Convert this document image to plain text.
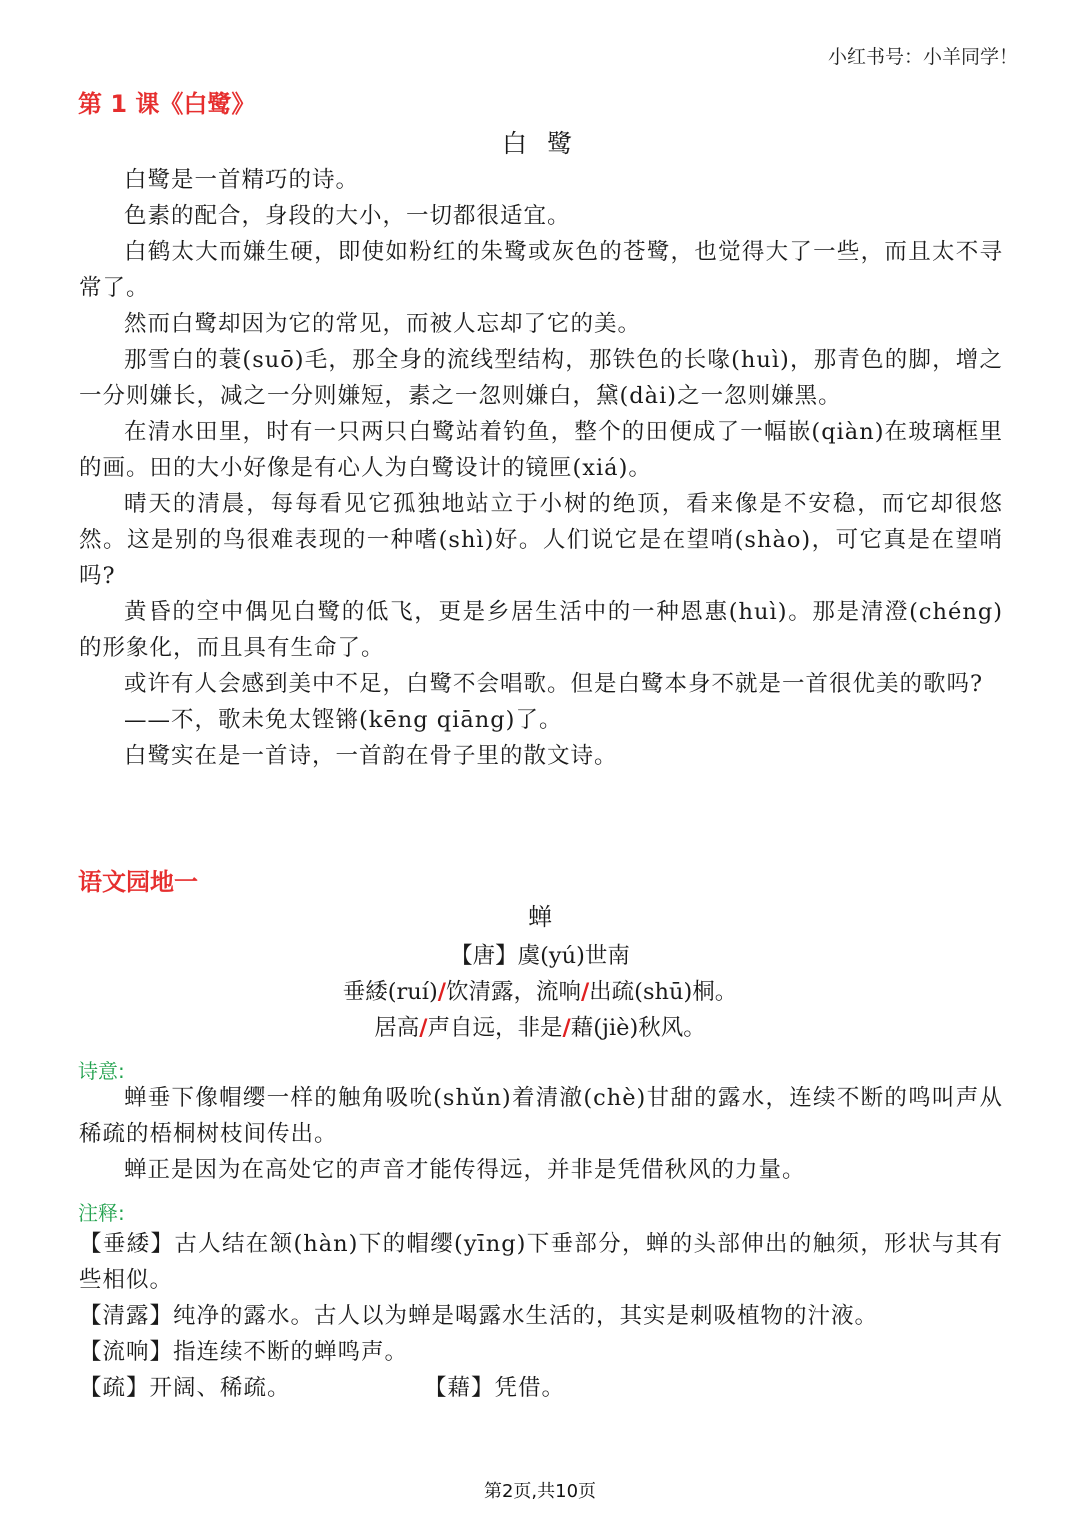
小红书号：小羊同学！
第 1 课《白鹭》
白 鹭

白鹭是一首精巧的诗。

色素的配合，身段的大小，一切都很适宜。

白鹤太大而嫌生硬，即使如粉红的朱鹭或灰色的苍鹭，也觉得大了一些，而且太不寻常了。

然而白鹭却因为它的常见，而被人忘却了它的美。

那雪白的蓑(suō)毛，那全身的流线型结构，那铁色的长喙(huì)，那青色的脚，增之一分则嫌长，减之一分则嫌短，素之一忽则嫌白，黛(dài)之一忽则嫌黑。

在清水田里，时有一只两只白鹭站着钓鱼，整个的田便成了一幅嵌(qiàn)在玻璃框里的画。田的大小好像是有心人为白鹭设计的镜匣(xiá)。

晴天的清晨，每每看见它孤独地站立于小树的绝顶，看来像是不安稳，而它却很悠然。这是别的鸟很难表现的一种嗜(shì)好。人们说它是在望哨(shào)，可它真是在望哨吗?

黄昏的空中偶见白鹭的低飞，更是乡居生活中的一种恩惠(huì)。那是清澄(chéng)的形象化，而且具有生命了。

或许有人会感到美中不足，白鹭不会唱歌。但是白鹭本身不就是一首很优美的歌吗?

——不，歌未免太铿锵(kēng qiāng)了。

白鹭实在是一首诗，一首韵在骨子里的散文诗。

语文园地一
蝉
【唐】虞(yú)世南
垂緌(ruí)/饮清露，流响/出疏(shū)桐。
居高/声自远，非是/藉(jiè)秋风。
诗意:

蝉垂下像帽缨一样的触角吸吮(shǔn)着清澈(chè)甘甜的露水，连续不断的鸣叫声从稀疏的梧桐树枝间传出。

蝉正是因为在高处它的声音才能传得远，并非是凭借秋风的力量。

注释:

【垂緌】古人结在颔(hàn)下的帽缨(yīng)下垂部分，蝉的头部伸出的触须，形状与其有些相似。

【清露】纯净的露水。古人以为蝉是喝露水生活的，其实是刺吸植物的汁液。

【流响】指连续不断的蝉鸣声。

【疏】开阔、稀疏。	【藉】凭借。

第2页,共10页
